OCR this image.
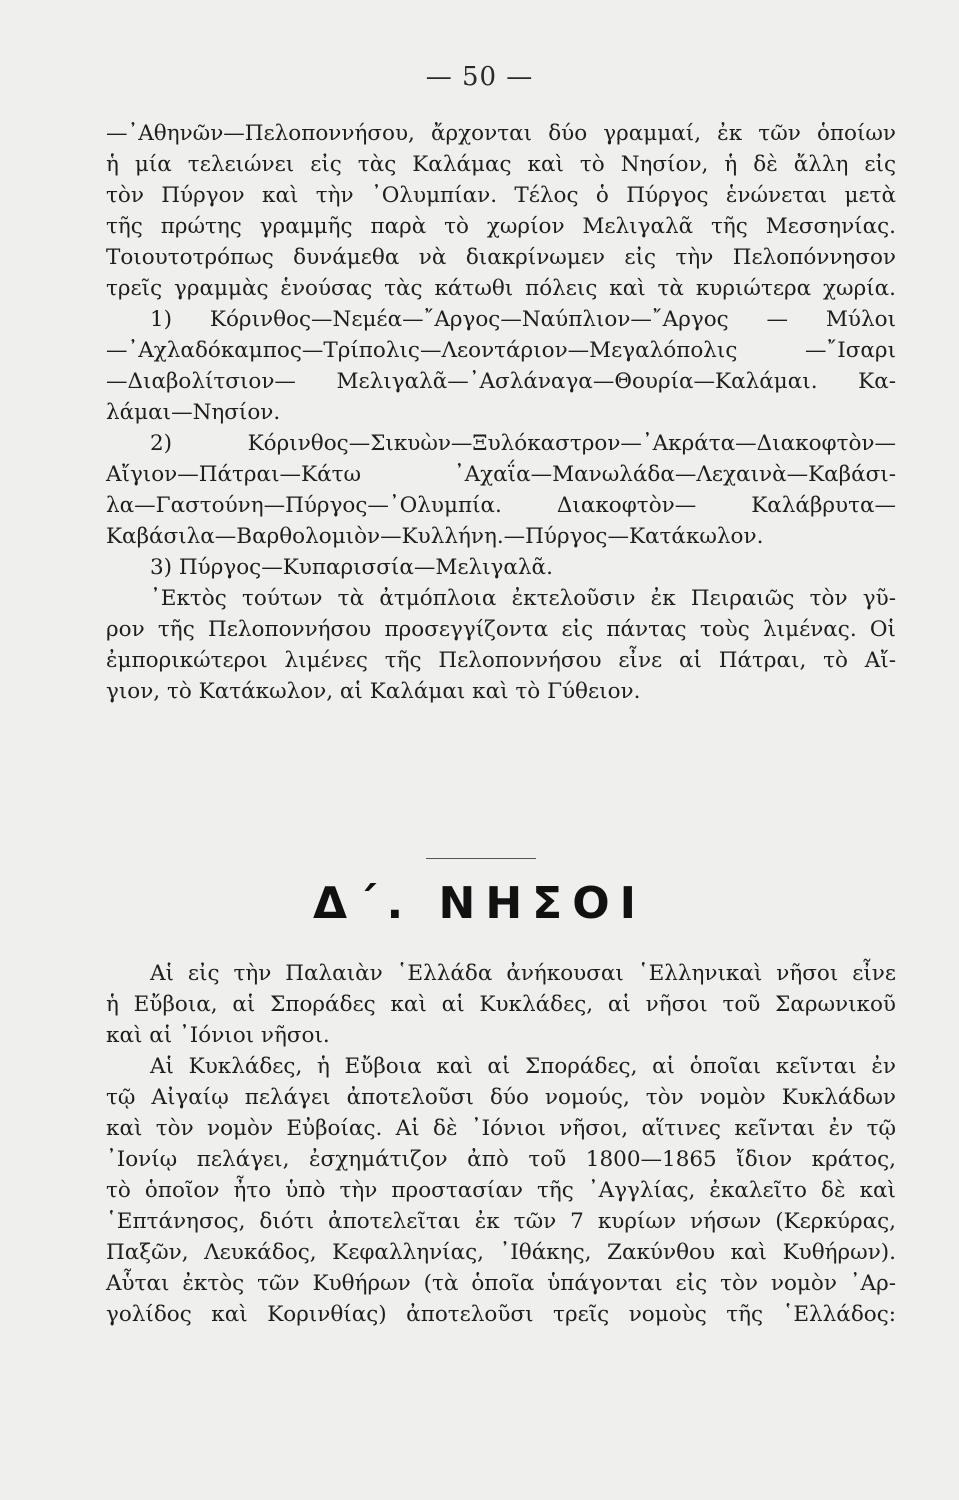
— 50 —
—᾽Αθηνῶν—Πελοποννήσου, ἄρχονται δύο γραμμαί, ἐκ τῶν ὁποίων
ἡ μία τελειώνει εἰς τὰς Καλάμας καὶ τὸ Νησίον, ἡ δὲ ἄλλη εἰς
τὸν Πύργον καὶ τὴν ᾽Ολυμπίαν. Τέλος ὁ Πύργος ἑνώνεται μετὰ
τῆς πρώτης γραμμῆς παρὰ τὸ χωρίον Μελιγαλᾶ τῆς Μεσσηνίας.
Τοιουτοτρόπως δυνάμεθα νὰ διακρίνωμεν εἰς τὴν Πελοπόννησον
τρεῖς γραμμὰς ἑνούσας τὰς κάτωθι πόλεις καὶ τὰ κυριώτερα χωρία.
1) Κόρινθος—Νεμέα—῎Αργος—Ναύπλιον—῎Αργος — Μύλοι
—᾽Αχλαδόκαμπος—Τρίπολις—Λεοντάριον—Μεγαλόπολις —῎Ισαρι
—Διαβολίτσιον— Μελιγαλᾶ—᾽Ασλάναγα—Θουρία—Καλάμαι. Κα-
λάμαι—Νησίον.
2) Κόρινθος—Σικυὼν—Ξυλόκαστρον—᾽Ακράτα—Διακοφτὸν—
Αἴγιον—Πάτραι—Κάτω ᾽Αχαΐα—Μανωλάδα—Λεχαινὰ—Καβάσι-
λα—Γαστούνη—Πύργος—᾽Ολυμπία. Διακοφτὸν— Καλάβρυτα—
Καβάσιλα—Βαρθολομιὸν—Κυλλήνη.—Πύργος—Κατάκωλον.
3) Πύργος—Κυπαρισσία—Μελιγαλᾶ.
᾽Εκτὸς τούτων τὰ ἀτμόπλοια ἐκτελοῦσιν ἐκ Πειραιῶς τὸν γῦ-
ρον τῆς Πελοποννήσου προσεγγίζοντα εἰς πάντας τοὺς λιμένας. Οἱ
ἐμπορικώτεροι λιμένες τῆς Πελοποννήσου εἶνε αἱ Πάτραι, τὸ Αἴ-
γιον, τὸ Κατάκωλον, αἱ Καλάμαι καὶ τὸ Γύθειον.
Δ΄. ΝΗΣΟΙ
Αἱ εἰς τὴν Παλαιὰν ῾Ελλάδα ἀνήκουσαι ῾Ελληνικαὶ νῆσοι εἶνε
ἡ Εὔβοια, αἱ Σποράδες καὶ αἱ Κυκλάδες, αἱ νῆσοι τοῦ Σαρωνικοῦ
καὶ αἱ ᾽Ιόνιοι νῆσοι.
Αἱ Κυκλάδες, ἡ Εὔβοια καὶ αἱ Σποράδες, αἱ ὁποῖαι κεῖνται ἐν
τῷ Αἰγαίῳ πελάγει ἀποτελοῦσι δύο νομούς, τὸν νομὸν Κυκλάδων
καὶ τὸν νομὸν Εὐβοίας. Αἱ δὲ ᾽Ιόνιοι νῆσοι, αἵτινες κεῖνται ἐν τῷ
᾽Ιονίῳ πελάγει, ἐσχημάτιζον ἀπὸ τοῦ 1800—1865 ἴδιον κράτος,
τὸ ὁποῖον ἦτο ὑπὸ τὴν προστασίαν τῆς ᾽Αγγλίας, ἐκαλεῖτο δὲ καὶ
῾Επτάνησος, διότι ἀποτελεῖται ἐκ τῶν 7 κυρίων νήσων (Κερκύρας,
Παξῶν, Λευκάδος, Κεφαλληνίας, ᾽Ιθάκης, Ζακύνθου καὶ Κυθήρων).
Αὗται ἐκτὸς τῶν Κυθήρων (τὰ ὁποῖα ὑπάγονται εἰς τὸν νομὸν ᾽Αρ-
γολίδος καὶ Κορινθίας) ἀποτελοῦσι τρεῖς νομοὺς τῆς ῾Ελλάδος:
